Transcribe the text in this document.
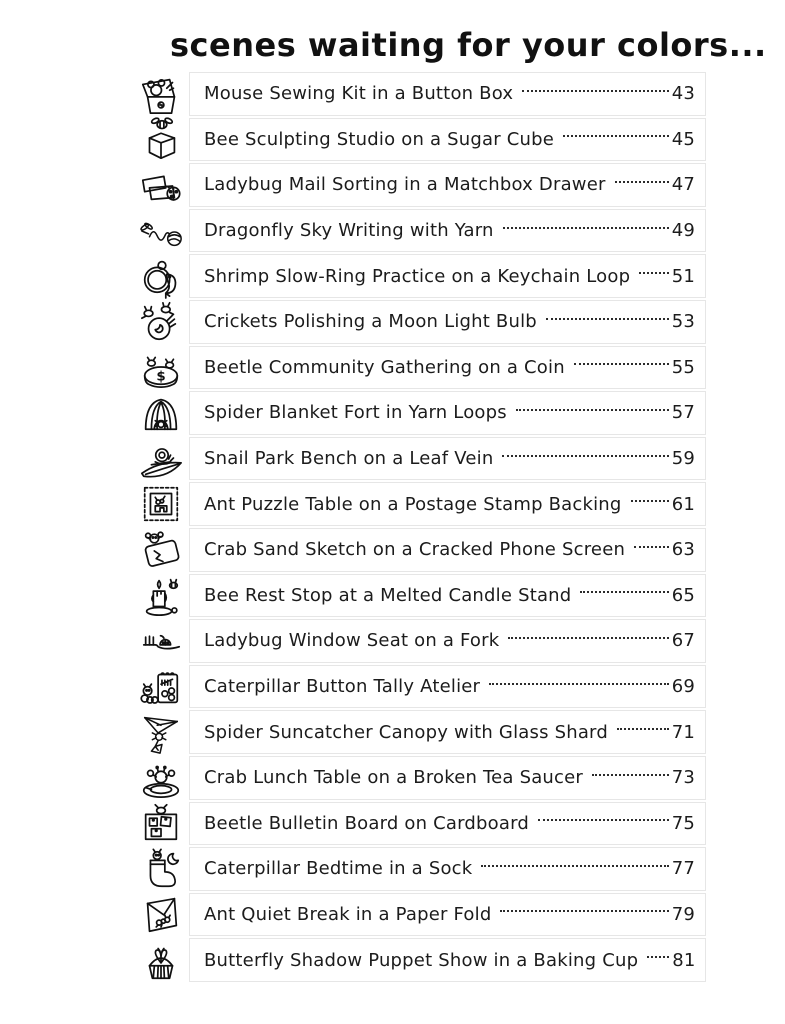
scenes waiting for your colors...
Mouse Sewing Kit in a Button Box	43
Bee Sculpting Studio on a Sugar Cube	45
Ladybug Mail Sorting in a Matchbox Drawer	47
Dragonfly Sky Writing with Yarn	49
Shrimp Slow-Ring Practice on a Keychain Loop 51
Crickets Polishing a Moon Light Bulb	53
Beetle Community Gathering on a Coin	55
Spider Blanket Fort in Yarn Loops	57
Snail Park Bench on a Leaf Vein	59
Ant Puzzle Table on a Postage Stamp Backing	61
Crab Sand Sketch on a Cracked Phone Screen	63
Bee Rest Stop at a Melted Candle Stand	65
Ladybug Window Seat on a Fork	67
Caterpillar Button Tally Atelier	69
Spider Suncatcher Canopy with Glass Shard	71
Crab Lunch Table on a Broken Tea Saucer	73
Beetle Bulletin Board on Cardboard	75
Caterpillar Bedtime in a Sock	77
Ant Quiet Break in a Paper Fold	79
Butterfly Shadow Puppet Show in a Baking Cup 81
